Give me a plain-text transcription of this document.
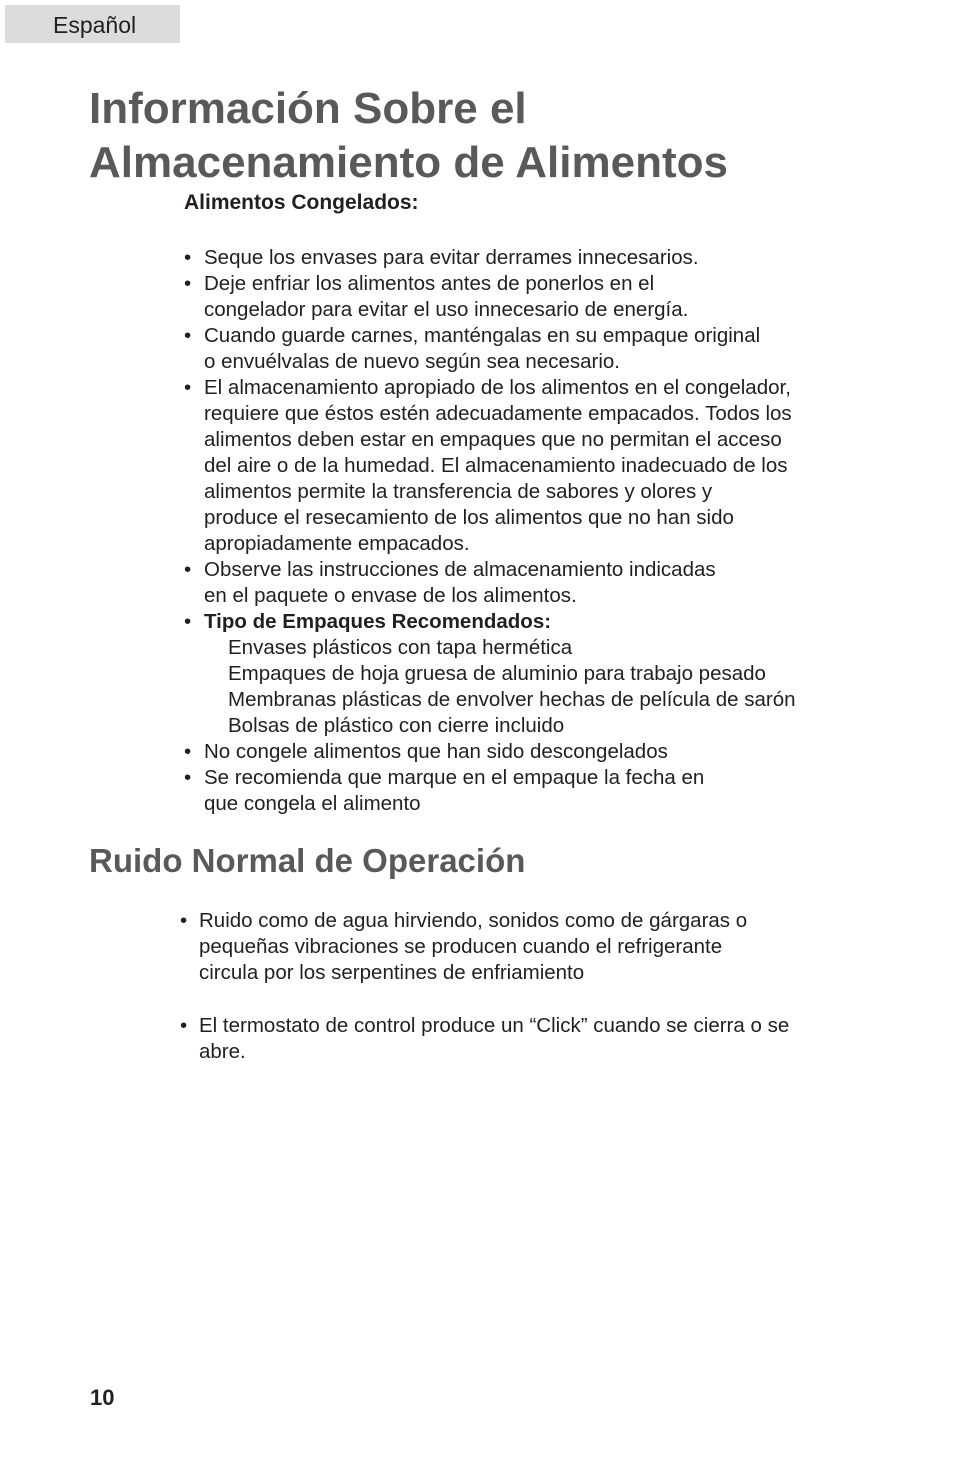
Español
Información Sobre el
Almacenamiento de Alimentos
Alimentos Congelados:
• Seque los envases para evitar derrames innecesarios.
• Deje enfriar los alimentos antes de ponerlos en el
congelador para evitar el uso innecesario de energía.
• Cuando guarde carnes, manténgalas en su empaque original
o envuélvalas de nuevo según sea necesario.
• El almacenamiento apropiado de los alimentos en el congelador,
requiere que éstos estén adecuadamente empacados. Todos los
alimentos deben estar en empaques que no permitan el acceso
del aire o de la humedad. El almacenamiento inadecuado de los
alimentos permite la transferencia de sabores y olores y
produce el resecamiento de los alimentos que no han sido
apropiadamente empacados.
• Observe las instrucciones de almacenamiento indicadas
en el paquete o envase de los alimentos.
• Tipo de Empaques Recomendados:
Envases plásticos con tapa hermética
Empaques de hoja gruesa de aluminio para trabajo pesado
Membranas plásticas de envolver hechas de película de sarón
Bolsas de plástico con cierre incluido
• No congele alimentos que han sido descongelados
• Se recomienda que marque en el empaque la fecha en
que congela el alimento
Ruido Normal de Operación
• Ruido como de agua hirviendo, sonidos como de gárgaras o
pequeñas vibraciones se producen cuando el refrigerante
circula por los serpentines de enfriamiento
• El termostato de control produce un “Click” cuando se cierra o se
abre.
10
